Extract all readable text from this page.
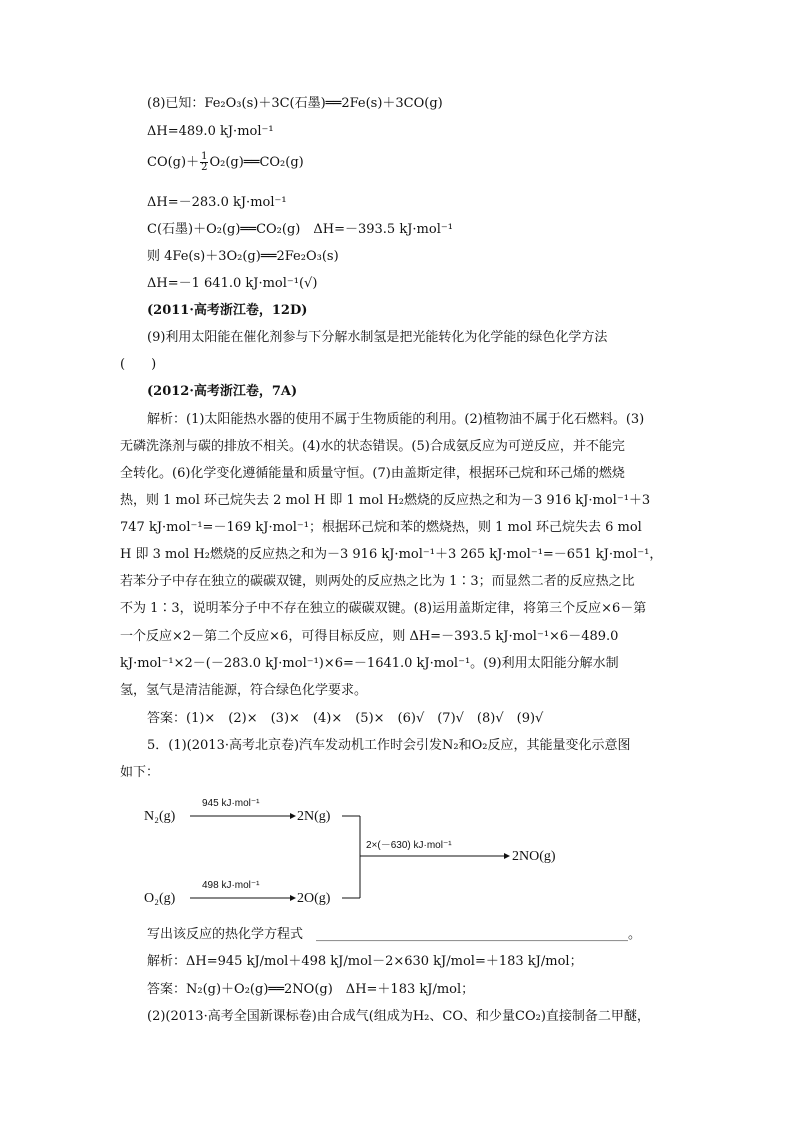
(8)已知：Fe₂O₃(s)＋3C(石墨)══2Fe(s)＋3CO(g)
ΔH=489.0 kJ·mol⁻¹
$CO(g)+ \frac{1}{2}$ O₂(g)══CO₂(g)
ΔH=－283.0 kJ·mol⁻¹
C(石墨)＋O₂(g)══CO₂(g)　ΔH=－393.5 kJ·mol⁻¹
则 4Fe(s)＋3O₂(g)══2Fe₂O₃(s)
ΔH=－1 641.0 kJ·mol⁻¹(√)
(2011·高考浙江卷，12D)
(9)利用太阳能在催化剂参与下分解水制氢是把光能转化为化学能的绿色化学方法
(　　)
(2012·高考浙江卷，7A)
解析：(1)太阳能热水器的使用不属于生物质能的利用。(2)植物油不属于化石燃料。(3)
无磷洗涤剂与碳的排放不相关。(4)水的状态错误。(5)合成氨反应为可逆反应，并不能完
全转化。(6)化学变化遵循能量和质量守恒。(7)由盖斯定律，根据环己烷和环己烯的燃烧
热，则 1 mol 环己烷失去 2 mol H 即 1 mol H₂燃烧的反应热之和为－3 916 kJ·mol⁻¹＋3
747 kJ·mol⁻¹=－169 kJ·mol⁻¹；根据环己烷和苯的燃烧热，则 1 mol 环己烷失去 6 mol
H 即 3 mol H₂燃烧的反应热之和为－3 916 kJ·mol⁻¹＋3 265 kJ·mol⁻¹=－651 kJ·mol⁻¹，
若苯分子中存在独立的碳碳双键，则两处的反应热之比为 1∶3；而显然二者的反应热之比
不为 1∶3，说明苯分子中不存在独立的碳碳双键。(8)运用盖斯定律，将第三个反应×6－第
一个反应×2－第二个反应×6，可得目标反应，则 ΔH=－393.5 kJ·mol⁻¹×6－489.0
kJ·mol⁻¹×2－(－283.0 kJ·mol⁻¹)×6=－1641.0 kJ·mol⁻¹。(9)利用太阳能分解水制
氢，氢气是清洁能源，符合绿色化学要求。
答案：(1)×　(2)×　(3)×　(4)×　(5)×　(6)√　(7)√　(8)√　(9)√
5．(1)(2013·高考北京卷)汽车发动机工作时会引发N₂和O₂反应，其能量变化示意图
如下：
N₂(g)
945 kJ·mol⁻¹
2N(g)
O₂(g)
498 kJ·mol⁻¹
2O(g)
2×(－630) kJ·mol⁻¹
2NO(g)
写出该反应的热化学方程式　________________________________________________。
解析：ΔH=945 kJ/mol＋498 kJ/mol－2×630 kJ/mol=＋183 kJ/mol；
答案：N₂(g)＋O₂(g)══2NO(g)　ΔH=＋183 kJ/mol；
(2)(2013·高考全国新课标卷)由合成气(组成为H₂、CO、和少量CO₂)直接制备二甲醚，
